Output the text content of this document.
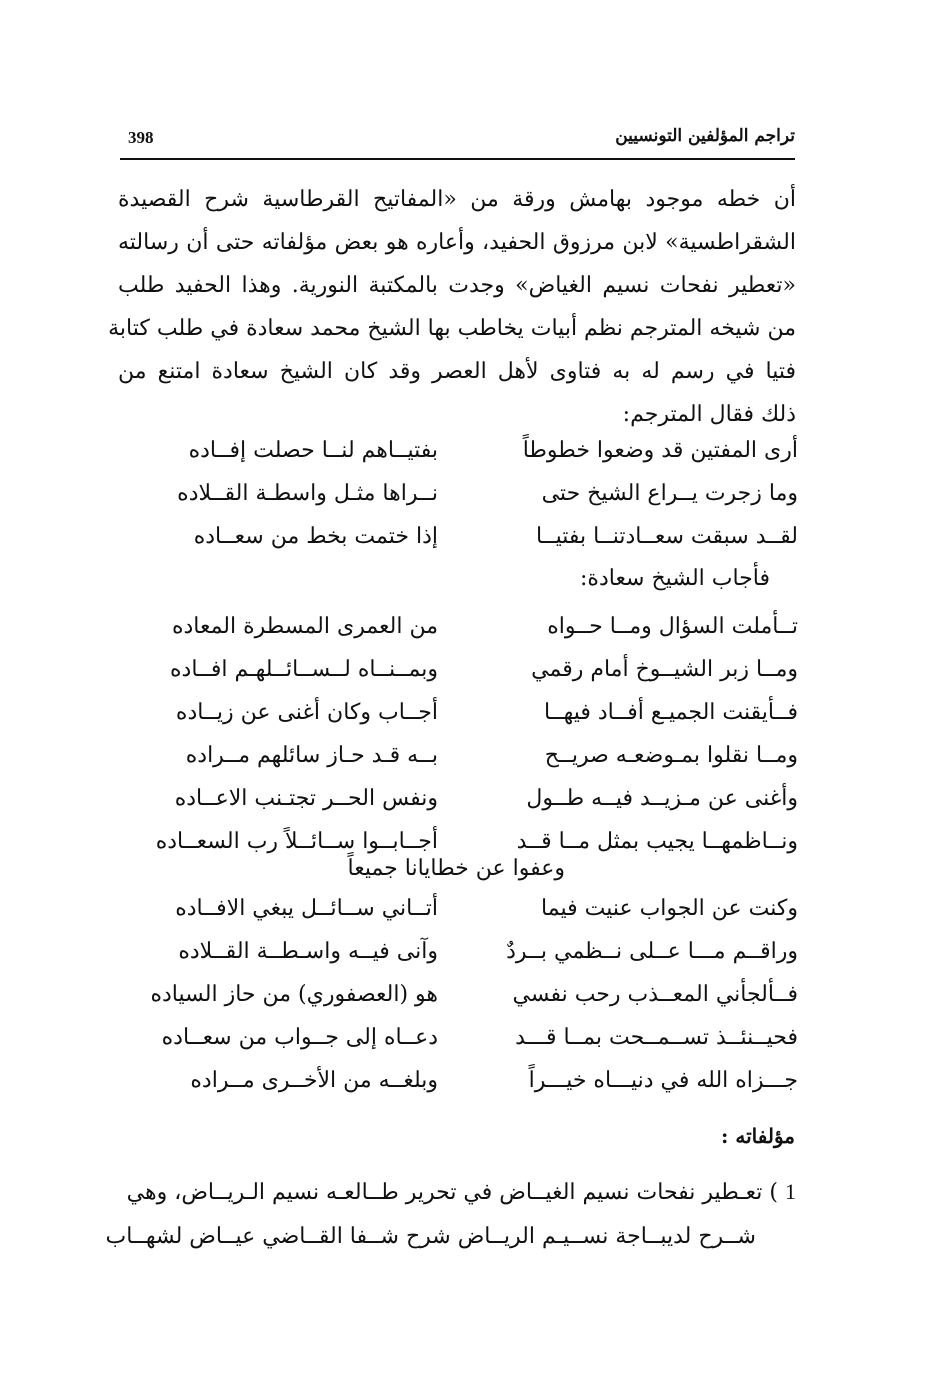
تراجم المؤلفين التونسيين
398
أن خطه موجود بهامش ورقة من «المفاتيح القرطاسية شرح القصيدة
الشقراطسية» لابن مرزوق الحفيد، وأعاره هو بعض مؤلفاته حتى أن رسالته
«تعطير نفحات نسيم الغياض» وجدت بالمكتبة النورية. وهذا الحفيد طلب
من شيخه المترجم نظم أبيات يخاطب بها الشيخ محمد سعادة في طلب كتابة
فتيا في رسم له به فتاوى لأهل العصر وقد كان الشيخ سعادة امتنع من
ذلك فقال المترجم:
أرى المفتين قد وضعوا خطوطاً
بفتيــاهم لنــا حصلت إفــاده
وما زجرت يــراع الشيخ حتى
نــراها مثـل واسطـة القــلاده
لقــد سبقت سعــادتنــا بفتيــا
إذا ختمت بخط من سعــاده
فأجاب الشيخ سعادة:
تــأملت السؤال ومــا حــواه
من العمرى المسطرة المعاده
ومــا زبر الشيــوخ أمام رقمي
وبمــنــاه لــســائــلهـم افــاده
فــأيقنت الجميـع أفــاد فيهــا
أجــاب وكان أغنى عن زيــاده
ومــا نقلوا بمـوضعـه صريــح
بــه قـد حـاز سائلهم مــراده
وأغنى عن مـزيــد فيــه طــول
ونفس الحــر تجتـنب الاعــاده
ونــاظمهــا يجيب بمثل مــا قــد
أجــابــوا ســائــلاً رب السعــاده
وعفوا عن خطايانا جميعاً
وكنت عن الجواب عنيت فيما
أتــاني ســائــل يبغي الافــاده
وراقــم مـــا عــلى نــظمي بــردٌ
وآنى فيــه واسـطــة القــلاده
فــألجأني المعــذب رحب نفسي
هو (العصفوري) من حاز السياده
فحيــنئــذ تســمــحت بمــا قـــد
دعــاه إلى جــواب من سعــاده
جـــزاه الله في دنيـــاه خيـــراً
وبلغــه من الأخــرى مــراده
مؤلفاته :
1 ) تعـطير نفحات نسيم الغيــاض في تحرير طــالعـه نسيم الـريــاض، وهي
شــرح لديبــاجة نســيـم الريــاض شرح شــفا القــاضي عيــاض لشهــاب
